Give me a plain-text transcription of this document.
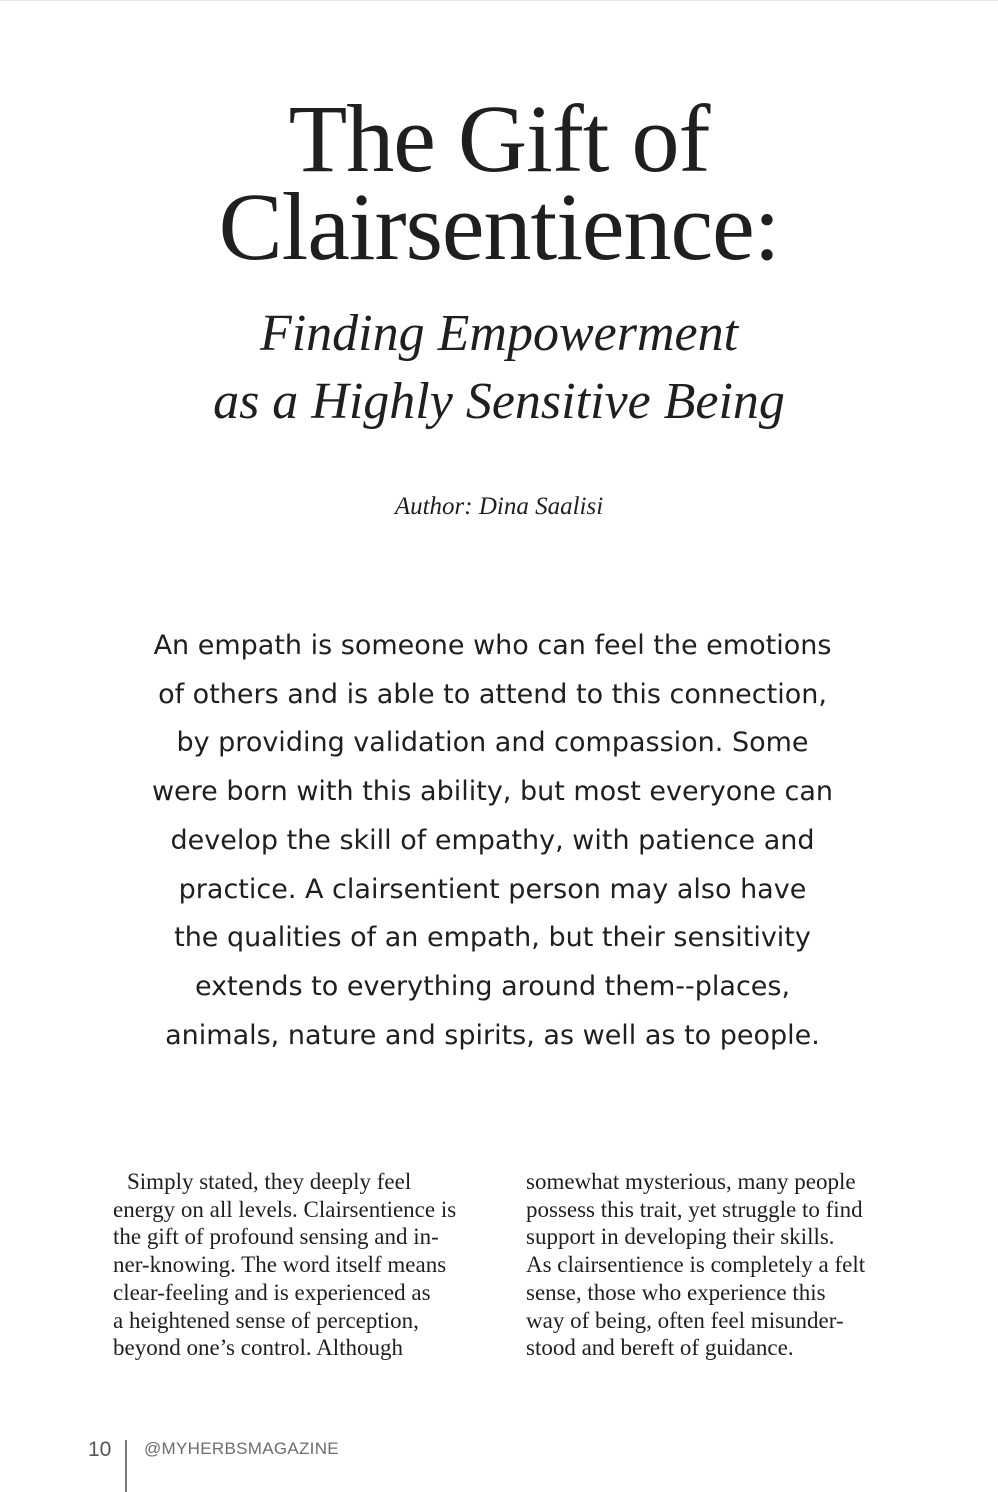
The Gift of
Clairsentience:
Finding Empowerment
as a Highly Sensitive Being
Author: Dina Saalisi
An empath is someone who can feel the emotions
of others and is able to attend to this connection,
by providing validation and compassion. Some
were born with this ability, but most everyone can
develop the skill of empathy, with patience and
practice. A clairsentient person may also have
the qualities of an empath, but their sensitivity
extends to everything around them--places,
animals, nature and spirits, as well as to people.
Simply stated, they deeply feel
energy on all levels. Clairsentience is
the gift of profound sensing and in-
ner-knowing. The word itself means
clear-feeling and is experienced as
a heightened sense of perception,
beyond one’s control. Although
somewhat mysterious, many people
possess this trait, yet struggle to find
support in developing their skills.
As clairsentience is completely a felt
sense, those who experience this
way of being, often feel misunder-
stood and bereft of guidance.
10 @MYHERBSMAGAZINE
